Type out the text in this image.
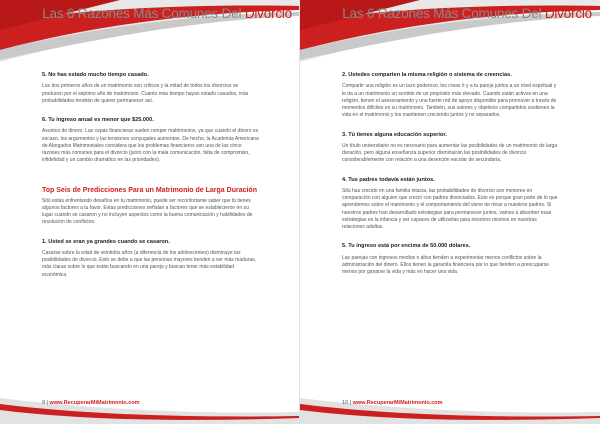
Las 6 Razones Más Comunes Del Divorcio
5. No has estado mucho tiempo casado.
Los dos primeros años de un matrimonio son críticos y la mitad de todos los divorcios se producen por el séptimo año de matrimonio. Cuanto más tiempo hayan estado casados, más probabilidades tendrán de querer permanecer así.
6. Tu ingreso anual es menor que $25.000.
Asuntos de dinero. Las cepas financieras suelen romper matrimonios, ya que cuando el dinero es escaso, los argumentos y las tensiones conyugales aumentan. De hecho, la Academia Americana de Abogados Matrimoniales considera que los problemas financieros son una de las cinco razones más comunes para el divorcio (junto con la mala comunicación, falta de compromiso, infidelidad y un cambio dramático en las prioridades).
Top Seis de Predicciones Para un Matrimonio de Larga Duración
Sitú estás enfrentando desafíos en tu matrimonio, puede ser reconfortante saber que tú tienes algunos factores a tu favor. Estas predicciones señalan a factores que se establecieron en su lugar cuando se casaron y no incluyen aspectos como la buena comunicación y habilidades de resolución de conflictos.
1. Usted se eran ya grandes cuando se casaron.
Casarse sobre la edad de veintidós años (a diferencia de los adolescentes) disminuye las posibilidades de divorcio. Esto se debe a que las personas mayores tienden a ser más maduras, más claras sobre lo que están buscando en una pareja y buscan tener más estabilidad económica.
9 | www.RecuperarMiMatrimonio.com
Las 6 Razones Más Comunes Del Divorcio
2. Ustedes comparten la misma religión o sistema de creencias.
Compartir una religión es un lazo poderoso, los creas ó y a tu pareja juntos a un nivel espiritual y le da a un matrimonio un sentido de un propósito más elevado. Cuando están activos en una religión, tienen el asesoramiento y una fuerte red de apoyo disponible para promover a través de momentos difíciles en su matrimonio. También, sus valores y objetivos compartidos sostienen la vida en el matrimonio y los mantienen creciendo juntos y no separados.
3. Tú tienes alguna educación superior.
Un título universitario no es necesario para aumentar las posibilidades de un matrimonio de larga duración, pero alguna enseñanza superior disminuirán las posibilidades de divorcio considerablemente con relación a una deserción escolar de secundaria.
4. Tus padres todavía están juntos.
Sitú has crecido en una familia intacta, las probabilidades de divorcio son menores en comparación con alguien que creció con padres divorciados. Esto es porque gran parte de lo que aprendemos sobre el matrimonio y el comportamiento del viene de mirar a nuestros padres. Si nuestros padres han desarrollado estrategias para permanecer juntos, vamos a absorber esas estrategias en la infancia y ser capaces de utilizarlas para nosotros mismos en nuestras relaciones adultas.
5. Tu ingreso está por encima de 50.000 dólares.
Las parejas con ingresos medios o altos tienden a experimentar menos conflictos sobre la administración del dinero. Ellos tienen la garantía financiera por lo que tienden a preocuparse menos por ganarse la vida y más en hacer una vida.
10 | www.RecuperarMiMatrimonio.com
